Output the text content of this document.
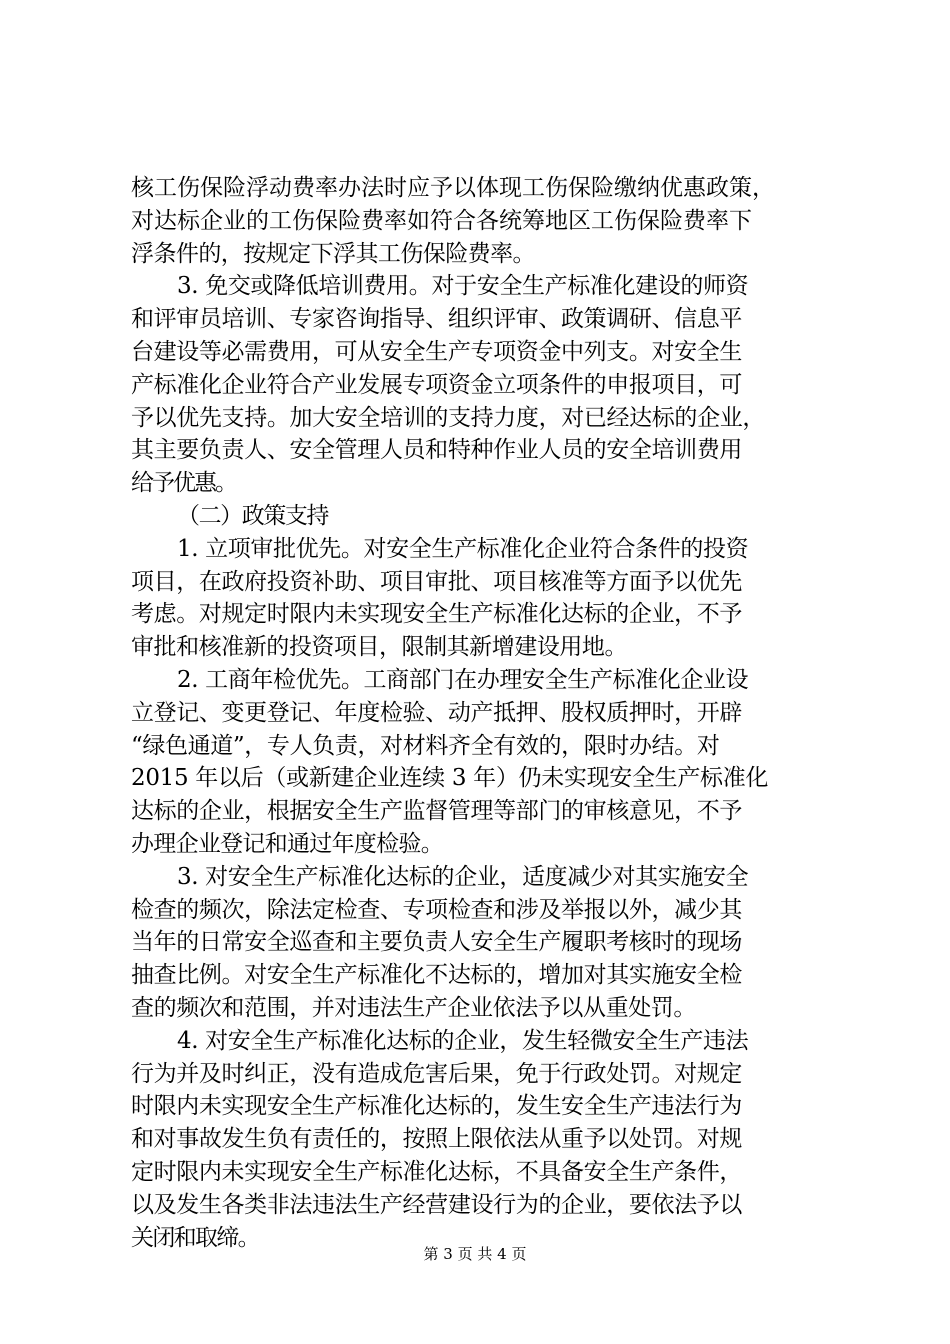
核工伤保险浮动费率办法时应予以体现工伤保险缴纳优惠政策，
对达标企业的工伤保险费率如符合各统筹地区工伤保险费率下
浮条件的，按规定下浮其工伤保险费率。
3. 免交或降低培训费用。对于安全生产标准化建设的师资
和评审员培训、专家咨询指导、组织评审、政策调研、信息平
台建设等必需费用，可从安全生产专项资金中列支。对安全生
产标准化企业符合产业发展专项资金立项条件的申报项目，可
予以优先支持。加大安全培训的支持力度，对已经达标的企业，
其主要负责人、安全管理人员和特种作业人员的安全培训费用
给予优惠。
（二）政策支持
1. 立项审批优先。对安全生产标准化企业符合条件的投资
项目，在政府投资补助、项目审批、项目核准等方面予以优先
考虑。对规定时限内未实现安全生产标准化达标的企业，不予
审批和核准新的投资项目，限制其新增建设用地。
2. 工商年检优先。工商部门在办理安全生产标准化企业设
立登记、变更登记、年度检验、动产抵押、股权质押时，开辟
“绿色通道”，专人负责，对材料齐全有效的，限时办结。对
2015 年以后（或新建企业连续 3 年）仍未实现安全生产标准化
达标的企业，根据安全生产监督管理等部门的审核意见，不予
办理企业登记和通过年度检验。
3. 对安全生产标准化达标的企业，适度减少对其实施安全
检查的频次，除法定检查、专项检查和涉及举报以外，减少其
当年的日常安全巡查和主要负责人安全生产履职考核时的现场
抽查比例。对安全生产标准化不达标的，增加对其实施安全检
查的频次和范围，并对违法生产企业依法予以从重处罚。
4. 对安全生产标准化达标的企业，发生轻微安全生产违法
行为并及时纠正，没有造成危害后果，免于行政处罚。对规定
时限内未实现安全生产标准化达标的，发生安全生产违法行为
和对事故发生负有责任的，按照上限依法从重予以处罚。对规
定时限内未实现安全生产标准化达标，不具备安全生产条件，
以及发生各类非法违法生产经营建设行为的企业，要依法予以
关闭和取缔。
第 3 页 共 4 页
